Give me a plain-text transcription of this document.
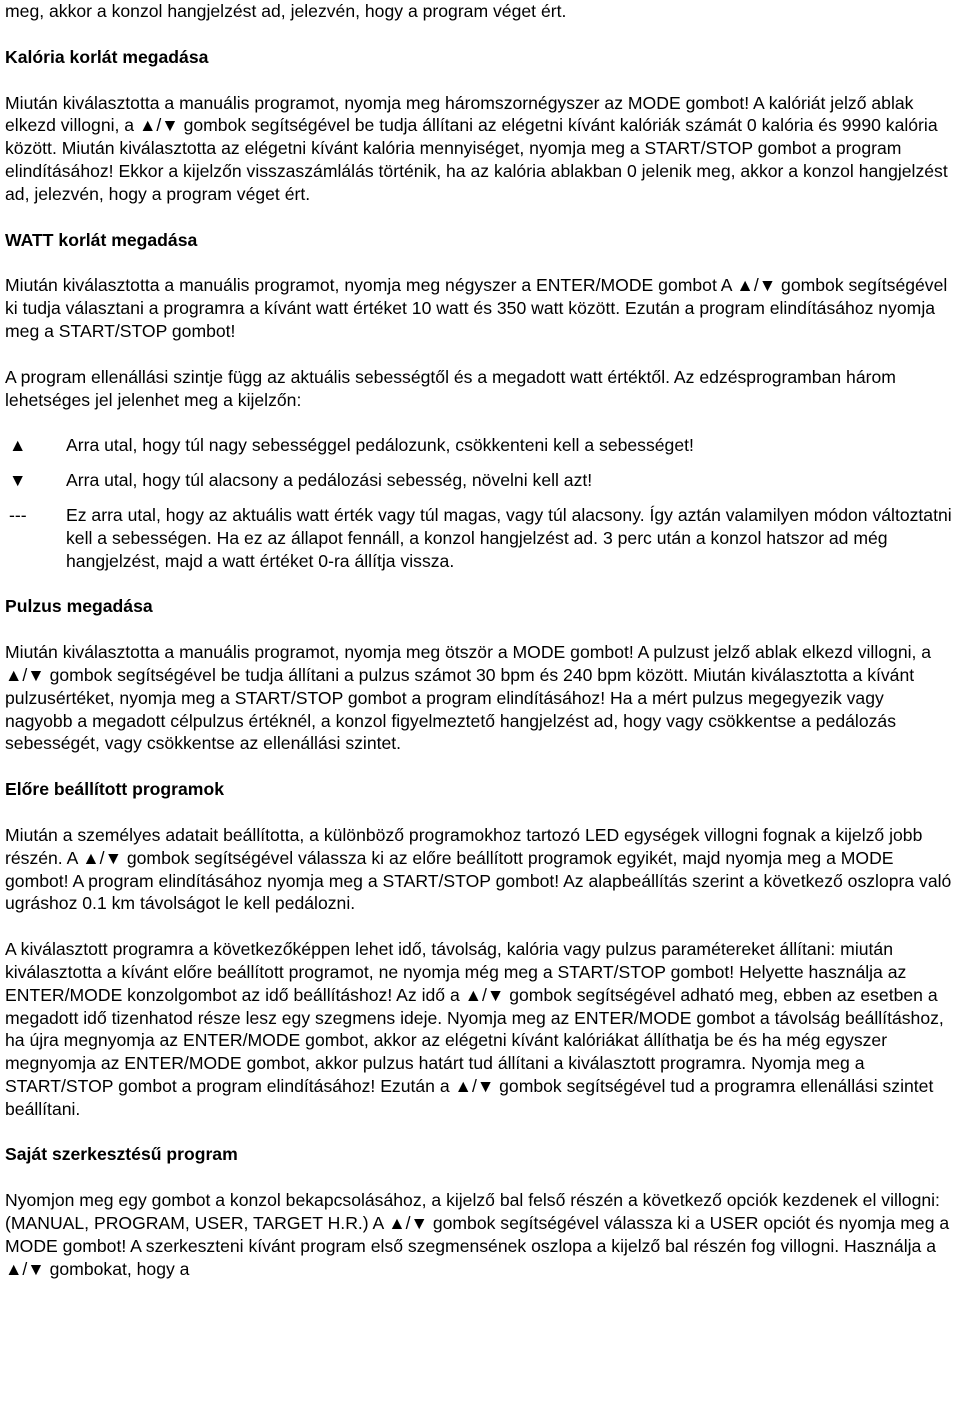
meg, akkor a konzol hangjelzést ad, jelezvén, hogy a program véget ért.

Kalória korlát megadása

Miután kiválasztotta a manuális programot, nyomja meg háromszornégyszer az MODE gombot! A kalóriát jelző ablak elkezd villogni, a ▲/▼ gombok segítségével be tudja állítani az elégetni kívánt kalóriák számát 0 kalória és 9990 kalória között. Miután kiválasztotta az elégetni kívánt kalória mennyiséget, nyomja meg a START/STOP gombot a program elindításához! Ekkor a kijelzőn visszaszámlálás történik, ha az kalória ablakban 0 jelenik meg, akkor a konzol hangjelzést ad, jelezvén, hogy a program véget ért.

WATT korlát megadása

Miután kiválasztotta a manuális programot, nyomja meg négyszer a ENTER/MODE gombot A ▲/▼ gombok segítségével ki tudja választani a programra a kívánt watt értéket 10 watt és 350 watt között. Ezután a program elindításához nyomja meg a START/STOP gombot!

A program ellenállási szintje függ az aktuális sebességtől és a megadott watt értéktől. Az edzésprogramban három lehetséges jel jelenhet meg a kijelzőn:

▲	Arra utal, hogy túl nagy sebességgel pedálozunk, csökkenteni kell a sebességet!
▼	Arra utal, hogy túl alacsony a pedálozási sebesség, növelni kell azt!
---	Ez arra utal, hogy az aktuális watt érték vagy túl magas, vagy túl alacsony. Így aztán valamilyen módon változtatni kell a sebességen. Ha ez az állapot fennáll, a konzol hangjelzést ad. 3 perc után a konzol hatszor ad még hangjelzést, majd a watt értéket 0-ra állítja vissza.
Pulzus megadása

Miután kiválasztotta a manuális programot, nyomja meg ötször a MODE gombot! A pulzust jelző ablak elkezd villogni, a ▲/▼ gombok segítségével be tudja állítani a pulzus számot 30 bpm és 240 bpm között. Miután kiválasztotta a kívánt pulzusértéket, nyomja meg a START/STOP gombot a program elindításához! Ha a mért pulzus megegyezik vagy nagyobb a megadott célpulzus értéknél, a konzol figyelmeztető hangjelzést ad, hogy vagy csökkentse a pedálozás sebességét, vagy csökkentse az ellenállási szintet.

Előre beállított programok

Miután a személyes adatait beállította, a különböző programokhoz tartozó LED egységek villogni fognak a kijelző jobb részén. A ▲/▼ gombok segítségével válassza ki az előre beállított programok egyikét, majd nyomja meg a MODE gombot! A program elindításához nyomja meg a START/STOP gombot! Az alapbeállítás szerint a következő oszlopra való ugráshoz 0.1 km távolságot le kell pedálozni.

A kiválasztott programra a következőképpen lehet idő, távolság, kalória vagy pulzus paramétereket állítani: miután kiválasztotta a kívánt előre beállított programot, ne nyomja még meg a START/STOP gombot! Helyette használja az ENTER/MODE konzolgombot az idő beállításhoz! Az idő a ▲/▼ gombok segítségével adható meg, ebben az esetben a megadott idő tizenhatod része lesz egy szegmens ideje. Nyomja meg az ENTER/MODE gombot a távolság beállításhoz, ha újra megnyomja az ENTER/MODE gombot, akkor az elégetni kívánt kalóriákat állíthatja be és ha még egyszer megnyomja az ENTER/MODE gombot, akkor pulzus határt tud állítani a kiválasztott programra. Nyomja meg a START/STOP gombot a program elindításához! Ezután a ▲/▼ gombok segítségével tud a programra ellenállási szintet beállítani.

Saját szerkesztésű program

Nyomjon meg egy gombot a konzol bekapcsolásához, a kijelző bal felső részén a következő opciók kezdenek el villogni: (MANUAL, PROGRAM, USER, TARGET H.R.) A ▲/▼ gombok segítségével válassza ki a USER opciót és nyomja meg a MODE gombot! A szerkeszteni kívánt program első szegmensének oszlopa a kijelző bal részén fog villogni. Használja a ▲/▼ gombokat, hogy a
